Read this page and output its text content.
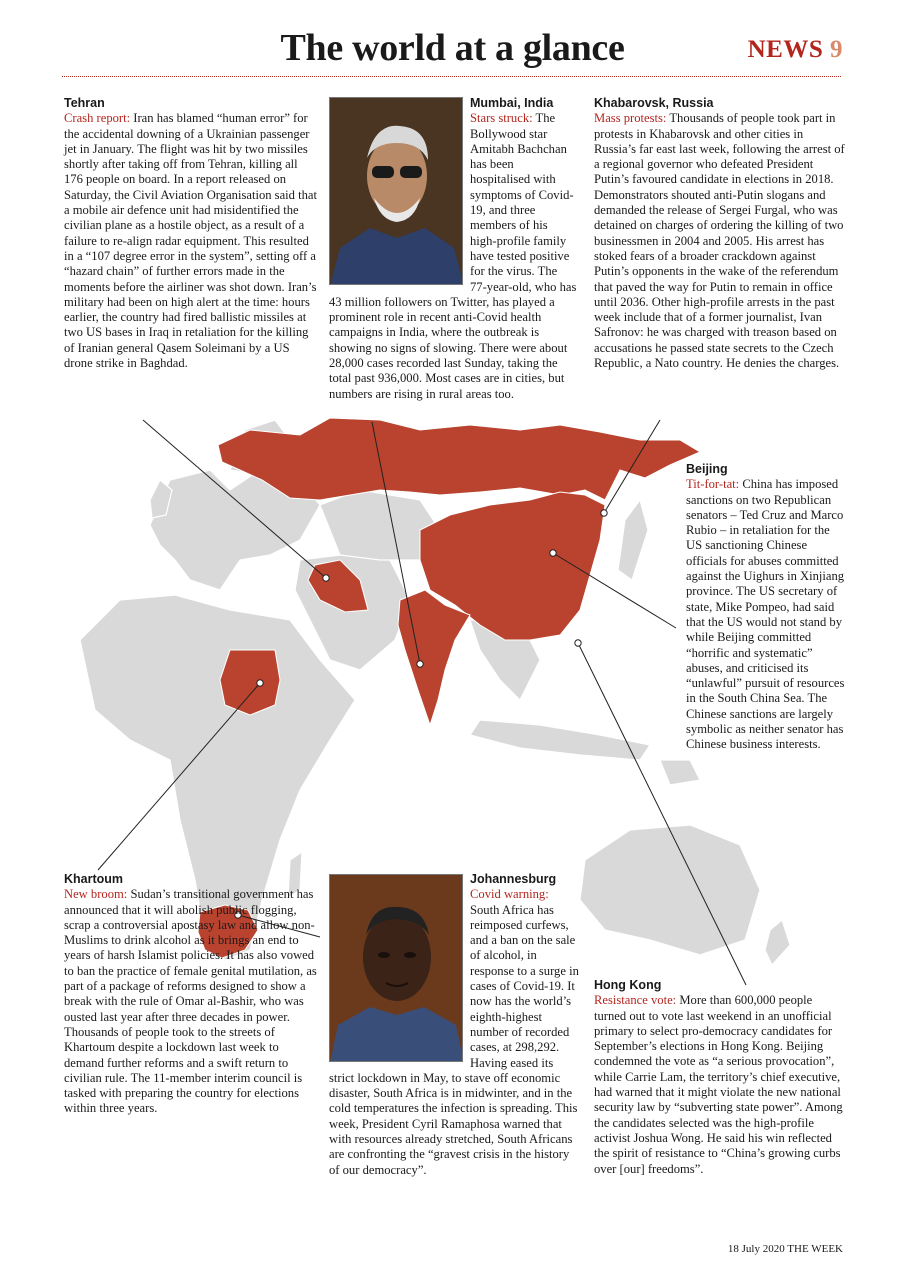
The world at a glance	NEWS 9
Tehran

Crash report: Iran has blamed “human error” for the accidental downing of a Ukrainian passenger jet in January. The flight was hit by two missiles shortly after taking off from Tehran, killing all 176 people on board. In a report released on Saturday, the Civil Aviation Organisation said that a mobile air defence unit had misidentified the civilian plane as a hostile object, as a result of a failure to re-align radar equipment. This resulted in a “107 degree error in the system”, setting off a “hazard chain” of further errors made in the moments before the airliner was shot down. Iran’s military had been on high alert at the time: hours earlier, the country had fired ballistic missiles at two US bases in Iraq in retaliation for the killing of Iranian general Qasem Soleimani by a US drone strike in Baghdad.

Mumbai, India

Stars struck: The Bollywood star Amitabh Bachchan has been hospitalised with symptoms of Covid-19, and three members of his high-profile family have tested positive for the virus. The 77-year-old, who has 43 million followers on Twitter, has played a prominent role in recent anti-Covid health campaigns in India, where the outbreak is showing no signs of slowing. There were about 28,000 cases recorded last Sunday, taking the total past 936,000. Most cases are in cities, but numbers are rising in rural areas too.

Khabarovsk, Russia

Mass protests: Thousands of people took part in protests in Khabarovsk and other cities in Russia’s far east last week, following the arrest of a regional governor who defeated President Putin’s favoured candidate in elections in 2018. Demonstrators shouted anti-Putin slogans and demanded the release of Sergei Furgal, who was detained on charges of ordering the killing of two businessmen in 2004 and 2005. His arrest has stoked fears of a broader crackdown against Putin’s opponents in the wake of the referendum that paved the way for Putin to remain in office until 2036. Other high-profile arrests in the past week include that of a former journalist, Ivan Safronov: he was charged with treason based on accusations he passed state secrets to the Czech Republic, a Nato country. He denies the charges.

Beijing

Tit-for-tat: China has imposed sanctions on two Republican senators – Ted Cruz and Marco Rubio – in retaliation for the US sanctioning Chinese officials for abuses committed against the Uighurs in Xinjiang province. The US secretary of state, Mike Pompeo, had said that the US would not stand by while Beijing committed “horrific and systematic” abuses, and criticised its “unlawful” pursuit of resources in the South China Sea. The Chinese sanctions are largely symbolic as neither senator has Chinese business interests.

Khartoum

New broom: Sudan’s transitional government has announced that it will abolish public flogging, scrap a controversial apostasy law and allow non-Muslims to drink alcohol as it brings an end to years of harsh Islamist policies. It has also vowed to ban the practice of female genital mutilation, as part of a package of reforms designed to show a break with the rule of Omar al-Bashir, who was ousted last year after three decades in power. Thousands of people took to the streets of Khartoum despite a lockdown last week to demand further reforms and a swift return to civilian rule. The 11-member interim council is tasked with preparing the country for elections within three years.

Johannesburg

Covid warning: South Africa has reimposed curfews, and a ban on the sale of alcohol, in response to a surge in cases of Covid-19. It now has the world’s eighth-highest number of recorded cases, at 298,292. Having eased its strict lockdown in May, to stave off economic disaster, South Africa is in midwinter, and in the cold temperatures the infection is spreading. This week, President Cyril Ramaphosa warned that with resources already stretched, South Africans are confronting the “gravest crisis in the history of our democracy”.

Hong Kong

Resistance vote: More than 600,000 people turned out to vote last weekend in an unofficial primary to select pro-democracy candidates for September’s elections in Hong Kong. Beijing condemned the vote as “a serious provocation”, while Carrie Lam, the territory’s chief executive, had warned that it might violate the new national security law by “subverting state power”. Among the candidates selected was the high-profile activist Joshua Wong. He said his win reflected the spirit of resistance to “China’s growing curbs over [our] freedoms”.

18 July 2020 THE WEEK
